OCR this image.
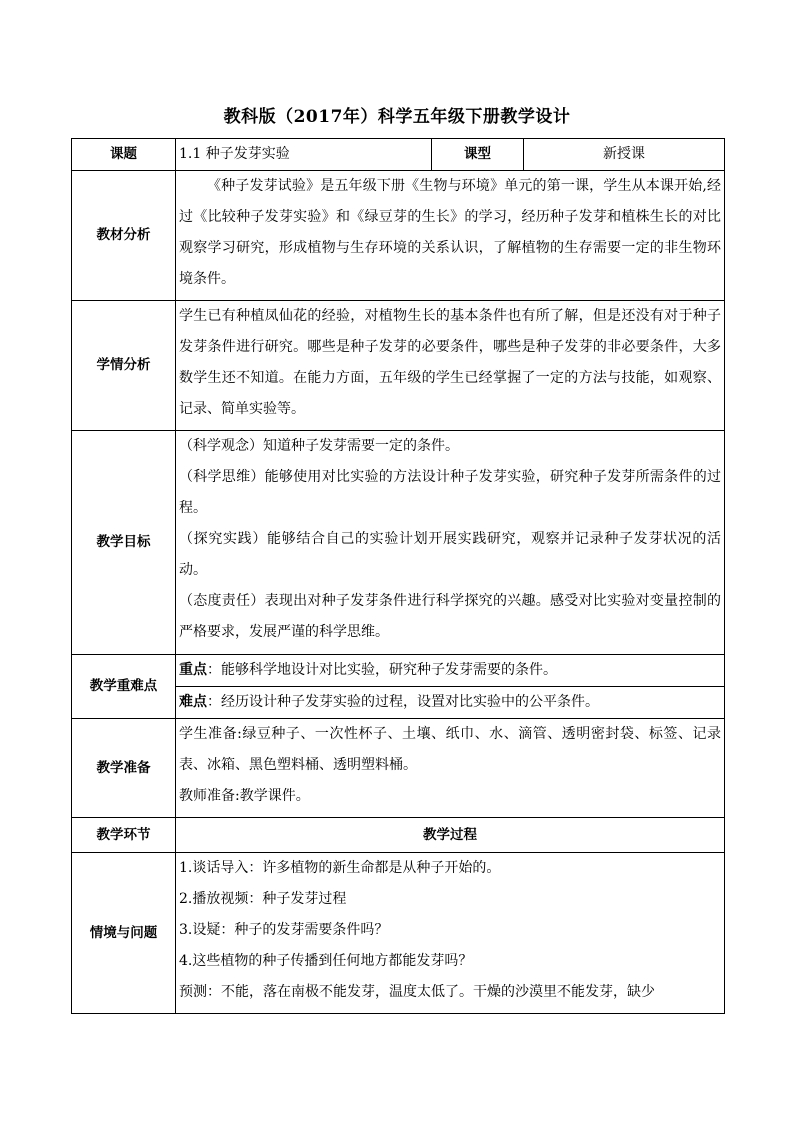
教科版（2017年）科学五年级下册教学设计
课题	1.1 种子发芽实验	课型	新授课
教材分析	《种子发芽试验》是五年级下册《生物与环境》单元的第一课，学生从本课开始,经过《比较种子发芽实验》和《绿豆芽的生长》的学习，经历种子发芽和植株生长的对比观察学习研究，形成植物与生存环境的关系认识，了解植物的生存需要一定的非生物环境条件。		

学情分析	学生已有种植凤仙花的经验，对植物生长的基本条件也有所了解，但是还没有对于种子发芽条件进行研究。哪些是种子发芽的必要条件，哪些是种子发芽的非必要条件，大多数学生还不知道。在能力方面，五年级的学生已经掌握了一定的方法与技能，如观察、记录、简单实验等。		

教学目标	（科学观念）知道种子发芽需要一定的条件。

（科学思维）能够使用对比实验的方法设计种子发芽实验，研究种子发芽所需条件的过程。

（探究实践）能够结合自己的实验计划开展实践研究，观察并记录种子发芽状况的活动。

（态度责任）表现出对种子发芽条件进行科学探究的兴趣。感受对比实验对变量控制的严格要求，发展严谨的科学思维。		

教学重难点	重点：能够科学地设计对比实验，研究种子发芽需要的条件。		
	难点：经历设计种子发芽实验的过程，设置对比实验中的公平条件。		
教学准备	学生准备:绿豆种子、一次性杯子、土壤、纸巾、水、滴管、透明密封袋、标签、记录表、冰箱、黑色塑料桶、透明塑料桶。

教师准备:教学课件。		

教学环节	教学过程		
情境与问题	1.谈话导入：许多植物的新生命都是从种子开始的。

2.播放视频：种子发芽过程

3.设疑：种子的发芽需要条件吗？

4.这些植物的种子传播到任何地方都能发芽吗？

预测：不能，落在南极不能发芽，温度太低了。干燥的沙漠里不能发芽，缺少		
